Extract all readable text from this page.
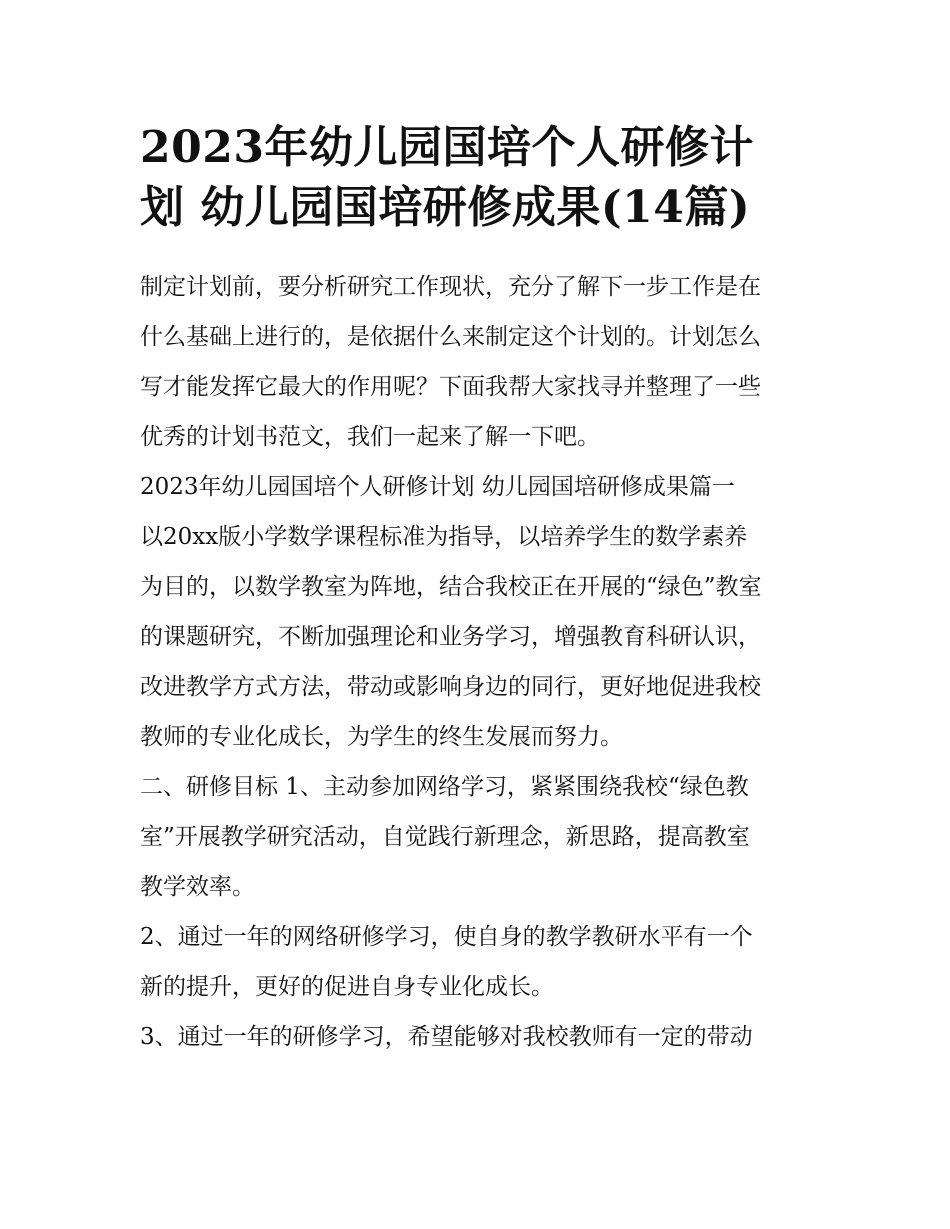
2023年幼儿园国培个人研修计
划 幼儿园国培研修成果(14篇)
制定计划前，要分析研究工作现状，充分了解下一步工作是在
什么基础上进行的，是依据什么来制定这个计划的。计划怎么
写才能发挥它最大的作用呢？下面我帮大家找寻并整理了一些
优秀的计划书范文，我们一起来了解一下吧。
2023年幼儿园国培个人研修计划 幼儿园国培研修成果篇一
以20xx版小学数学课程标准为指导，以培养学生的数学素养
为目的，以数学教室为阵地，结合我校正在开展的“绿色”教室
的课题研究，不断加强理论和业务学习，增强教育科研认识，
改进教学方式方法，带动或影响身边的同行，更好地促进我校
教师的专业化成长，为学生的终生发展而努力。
二、研修目标 1、主动参加网络学习，紧紧围绕我校“绿色教
室”开展教学研究活动，自觉践行新理念，新思路，提高教室
教学效率。
2、通过一年的网络研修学习，使自身的教学教研水平有一个
新的提升，更好的促进自身专业化成长。
3、通过一年的研修学习，希望能够对我校教师有一定的带动
